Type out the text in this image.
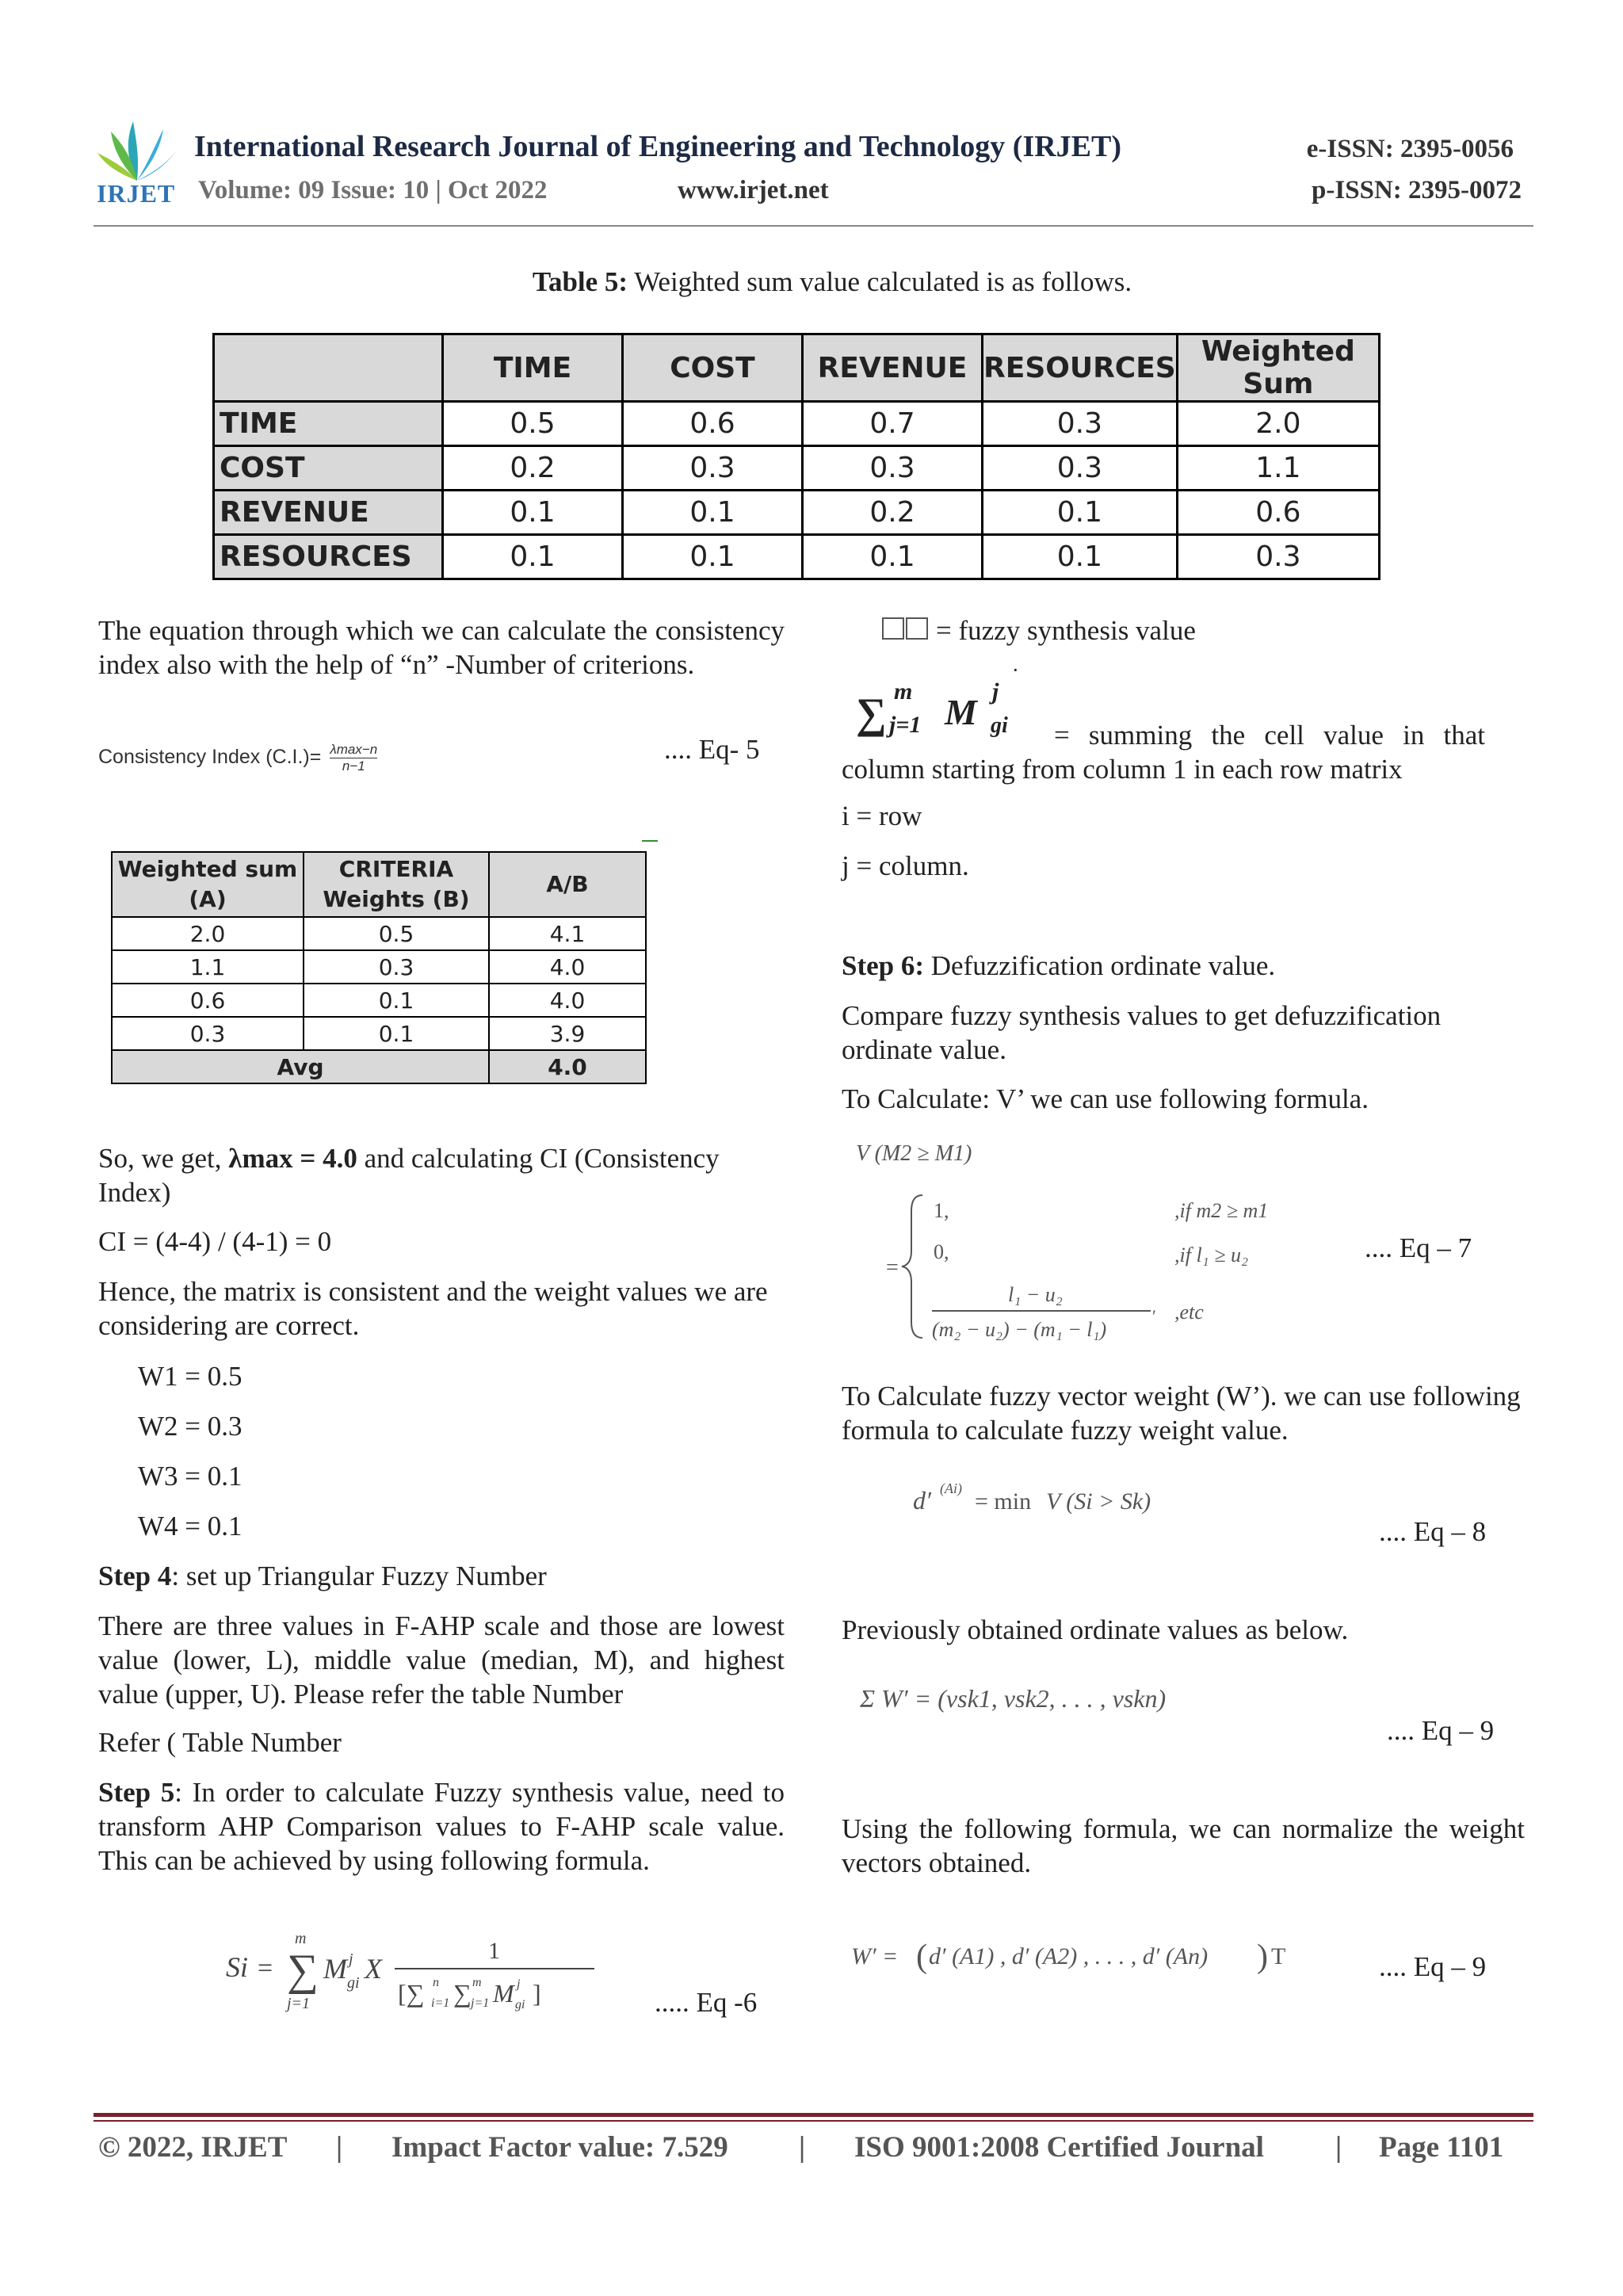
IRJET
International Research Journal of Engineering and Technology (IRJET)
Volume: 09 Issue: 10 | Oct 2022	www.irjet.net
e-ISSN: 2395-0056
p-ISSN: 2395-0072
Table 5: Weighted sum value calculated is as follows.
	TIME	COST	REVENUE	RESOURCES	Weighted Sum
TIME	0.5	0.6	0.7	0.3	2.0
COST	0.2	0.3	0.3	0.3	1.1
REVENUE	0.1	0.1	0.2	0.1	0.6
RESOURCES	0.1	0.1	0.1	0.1	0.3
The equation through which we can calculate the consistency index also with the help of “n” -Number of criterions.
Consistency Index (C.I.)= λmax−n
n−1
.... Eq- 5
Weighted sum (A)	CRITERIA Weights (B)	A/B
2.0	0.5	4.1
1.1	0.3	4.0
0.6	0.1	4.0
0.3	0.1	3.9
Avg		4.0
So, we get, λmax = 4.0 and calculating CI (Consistency Index)
CI = (4-4) / (4-1) = 0
Hence, the matrix is consistent and the weight values we are considering are correct.
W1 = 0.5
W2 = 0.3
W3 = 0.1
W4 = 0.1
Step 4: set up Triangular Fuzzy Number
There are three values in F-AHP scale and those are lowest value (lower, L), middle value (median, M), and highest value (upper, U). Please refer the table Number
Refer ( Table Number
Step 5: In order to calculate Fuzzy synthesis value, need to transform AHP Comparison values to F-AHP scale value. This can be achieved by using following formula.
Si = ∑
m
j=1
M j
gi X
1
[∑ i=1
n ∑ j=1
m M j
gi ]	..... Eq -6
= fuzzy synthesis value
∑ m
j=1 M
j
gi
·
= summing the cell value in that column starting from column 1 in each row matrix
i = row
j = column.
Step 6: Defuzzification ordinate value.
Compare fuzzy synthesis values to get defuzzification ordinate value.
To Calculate: V’ we can use following formula.
V (M2 ≥ M1)
=
1,
0,
l₁ − u₂
(m₂ − u₂) − (m₁ − l₁)
′
,if m2 ≥ m1
,if l₁ ≥ u₂
,etc
.... Eq – 7
To Calculate fuzzy vector weight (W’). we can use following formula to calculate fuzzy weight value.
d′ (Ai) = min V (Si > Sk)
.... Eq – 8
Previously obtained ordinate values as below.
Σ W′ = (vsk1, vsk2, . . . , vskn)
.... Eq – 9
Using the following formula, we can normalize the weight vectors obtained.
W′ = ( d′ (A1) , d′ (A2) , . . . , d′ (An) ) T	.... Eq – 9
© 2022, IRJET | Impact Factor value: 7.529 | ISO 9001:2008 Certified Journal | Page 1101
